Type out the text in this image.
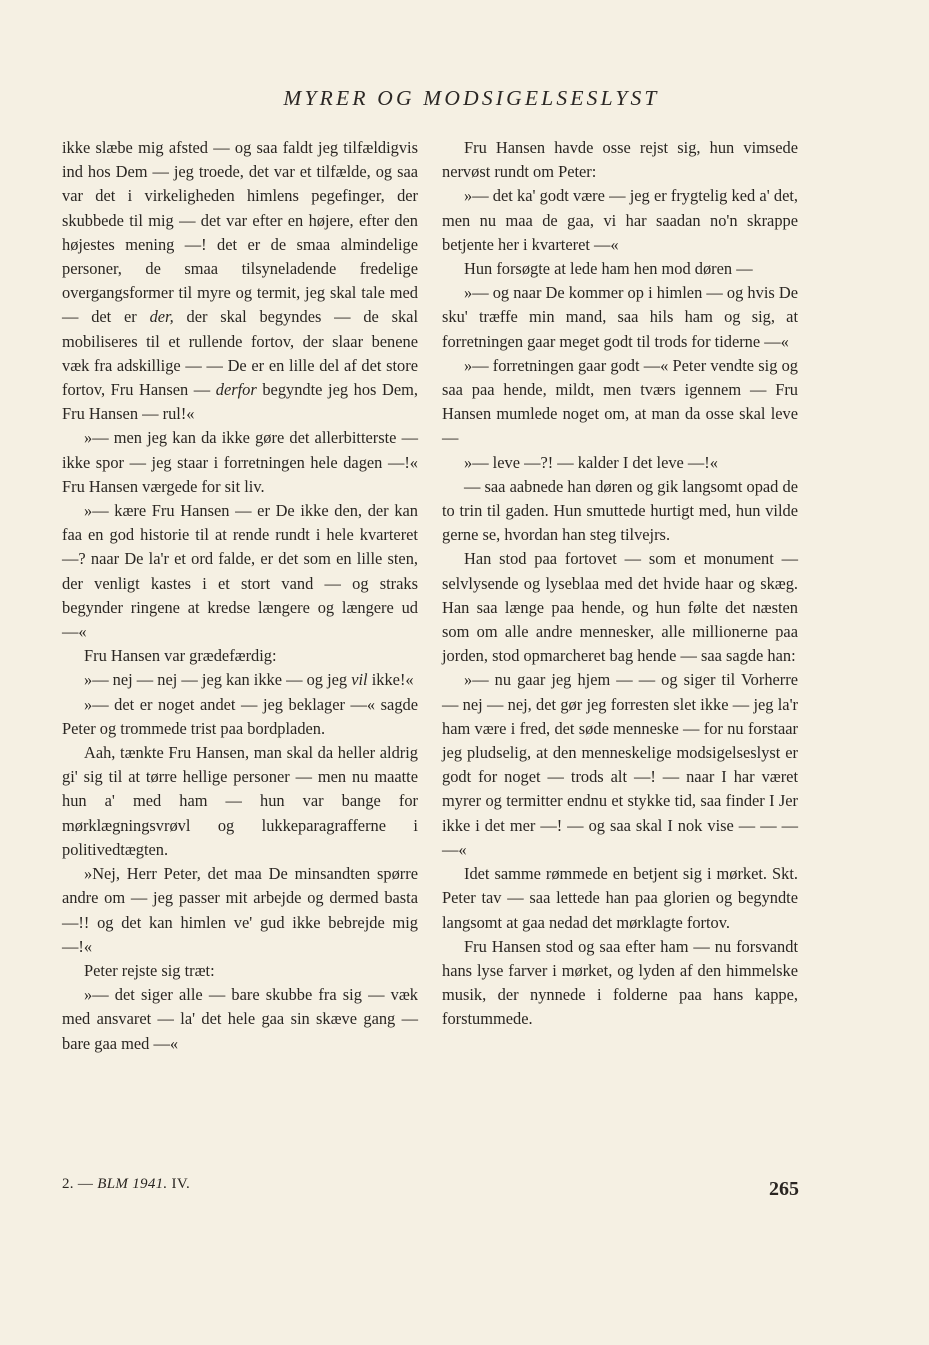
MYRER OG MODSIGELSESLYST

ikke slæbe mig afsted — og saa faldt jeg tilfældigvis ind hos Dem — jeg troede, det var et tilfælde, og saa var det i virkeligheden himlens pegefinger, der skubbede til mig — det var efter en højere, efter den højestes mening —! det er de smaa almindelige personer, de smaa tilsyneladende fredelige overgangsformer til myre og termit, jeg skal tale med — det er der, der skal begyndes — de skal mobiliseres til et rullende fortov, der slaar benene væk fra adskillige — — De er en lille del af det store fortov, Fru Hansen — derfor begyndte jeg hos Dem, Fru Hansen — rul!«

»— men jeg kan da ikke gøre det allerbitterste — ikke spor — jeg staar i forretningen hele dagen —!« Fru Hansen værgede for sit liv.

»— kære Fru Hansen — er De ikke den, der kan faa en god historie til at rende rundt i hele kvarteret —? naar De la'r et ord falde, er det som en lille sten, der venligt kastes i et stort vand — og straks begynder ringene at kredse længere og længere ud —«

Fru Hansen var grædefærdig:

»— nej — nej — jeg kan ikke — og jeg vil ikke!«

»— det er noget andet — jeg beklager —« sagde Peter og trommede trist paa bordpladen.

Aah, tænkte Fru Hansen, man skal da heller aldrig gi' sig til at tørre hellige personer — men nu maatte hun a' med ham — hun var bange for mørklægningsvrøvl og lukkeparagrafferne i politivedtægten.

»Nej, Herr Peter, det maa De minsandten spørre andre om — jeg passer mit arbejde og dermed basta —!! og det kan himlen ve' gud ikke bebrejde mig —!«

Peter rejste sig træt:

»— det siger alle — bare skubbe fra sig — væk med ansvaret — la' det hele gaa sin skæve gang — bare gaa med —«

Fru Hansen havde osse rejst sig, hun vimsede nervøst rundt om Peter:

»— det ka' godt være — jeg er frygtelig ked a' det, men nu maa de gaa, vi har saadan no'n skrappe betjente her i kvarteret —«

Hun forsøgte at lede ham hen mod døren —

»— og naar De kommer op i himlen — og hvis De sku' træffe min mand, saa hils ham og sig, at forretningen gaar meget godt til trods for tiderne —«

»— forretningen gaar godt —« Peter vendte sig og saa paa hende, mildt, men tværs igennem — Fru Hansen mumlede noget om, at man da osse skal leve —

»— leve —?! — kalder I det leve —!«

— saa aabnede han døren og gik langsomt opad de to trin til gaden. Hun smuttede hurtigt med, hun vilde gerne se, hvordan han steg tilvejrs.

Han stod paa fortovet — som et monument — selvlysende og lyseblaa med det hvide haar og skæg. Han saa længe paa hende, og hun følte det næsten som om alle andre mennesker, alle millionerne paa jorden, stod opmarcheret bag hende — saa sagde han:

»— nu gaar jeg hjem — — og siger til Vorherre — nej — nej, det gør jeg forresten slet ikke — jeg la'r ham være i fred, det søde menneske — for nu forstaar jeg pludselig, at den menneskelige modsigelseslyst er godt for noget — trods alt —! — naar I har været myrer og termitter endnu et stykke tid, saa finder I Jer ikke i det mer —! — og saa skal I nok vise — — — —«

Idet samme rømmede en betjent sig i mørket. Skt. Peter tav — saa lettede han paa glorien og begyndte langsomt at gaa nedad det mørklagte fortov.

Fru Hansen stod og saa efter ham — nu forsvandt hans lyse farver i mørket, og lyden af den himmelske musik, der nynnede i folderne paa hans kappe, forstummede.

2. — BLM 1941. IV.	265
